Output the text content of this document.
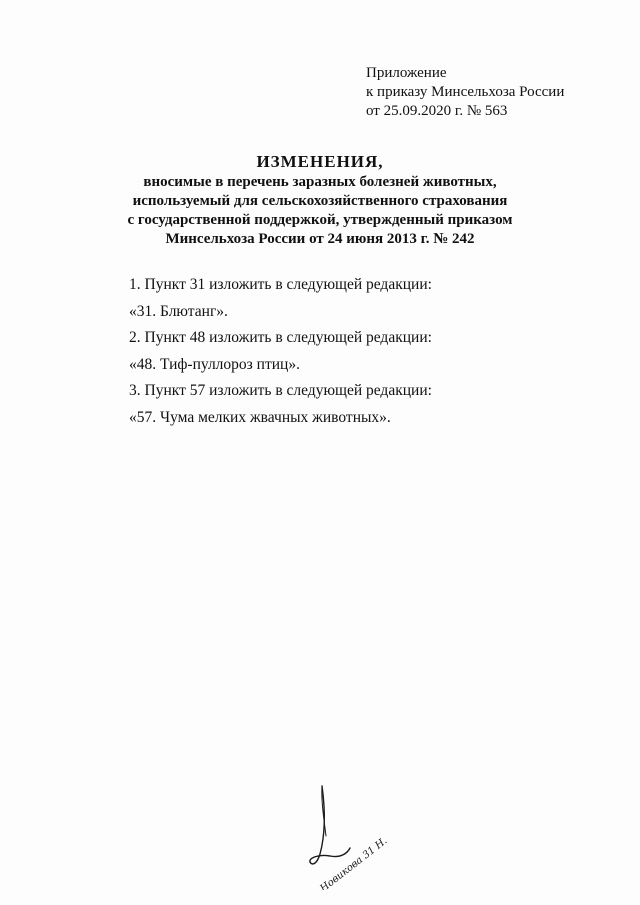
Приложение
к приказу Минсельхоза России
от 25.09.2020 г. № 563
ИЗМЕНЕНИЯ,
вносимые в перечень заразных болезней животных,
используемый для сельскохозяйственного страхования
с государственной поддержкой, утвержденный приказом
Минсельхоза России от 24 июня 2013 г. № 242
1. Пункт 31 изложить в следующей редакции:
«31. Блютанг».
2. Пункт 48 изложить в следующей редакции:
«48. Тиф-пуллороз птиц».
3. Пункт 57 изложить в следующей редакции:
«57. Чума мелких жвачных животных».
Новикова 31 Н.
